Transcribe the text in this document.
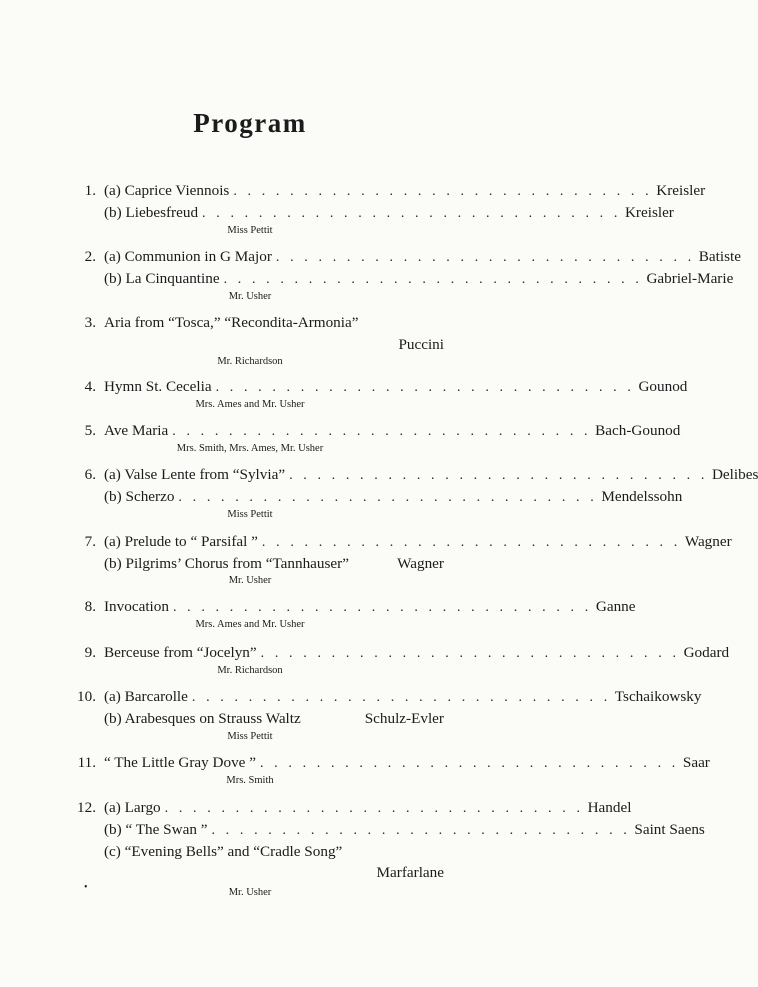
Program
1. (a) Caprice Viennois . . . . . . . . . . . . . . . . . . . . . . . . . . . . . . Kreisler
(b) Liebesfreud . . . . . . . . . . . . . . . . . . . . . . . . . . . . . . Kreisler
Miss Pettit
2. (a) Communion in G Major . . . . . . . . . . . . . . . . . . . . . . . . . . . . . . Batiste
(b) La Cinquantine . . . . . . . . . . . . . . . . . . . . . . . . . . . . . . Gabriel-Marie
Mr. Usher
3. Aria from “Tosca,” “Recondita-Armonia”
Puccini
Mr. Richardson
4. Hymn St. Cecelia . . . . . . . . . . . . . . . . . . . . . . . . . . . . . . Gounod
Mrs. Ames and Mr. Usher
5. Ave Maria . . . . . . . . . . . . . . . . . . . . . . . . . . . . . . Bach-Gounod
Mrs. Smith, Mrs. Ames, Mr. Usher
6. (a) Valse Lente from “Sylvia” . . . . . . . . . . . . . . . . . . . . . . . . . . . . . . Delibes
(b) Scherzo . . . . . . . . . . . . . . . . . . . . . . . . . . . . . . Mendelssohn
Miss Pettit
7. (a) Prelude to “ Parsifal ” . . . . . . . . . . . . . . . . . . . . . . . . . . . . . . Wagner
(b) Pilgrims’ Chorus from “Tannhauser”	Wagner
Mr. Usher
8. Invocation . . . . . . . . . . . . . . . . . . . . . . . . . . . . . . Ganne
Mrs. Ames and Mr. Usher
9. Berceuse from “Jocelyn” . . . . . . . . . . . . . . . . . . . . . . . . . . . . . . Godard
Mr. Richardson
10. (a) Barcarolle . . . . . . . . . . . . . . . . . . . . . . . . . . . . . . Tschaikowsky
(b) Arabesques on Strauss Waltz	Schulz-Evler
Miss Pettit
11. “ The Little Gray Dove ” . . . . . . . . . . . . . . . . . . . . . . . . . . . . . . Saar
Mrs. Smith
12. (a) Largo . . . . . . . . . . . . . . . . . . . . . . . . . . . . . . Handel
(b) “ The Swan ” . . . . . . . . . . . . . . . . . . . . . . . . . . . . . . Saint Saens
(c) “Evening Bells” and “Cradle Song”
Marfarlane
Mr. Usher
•
